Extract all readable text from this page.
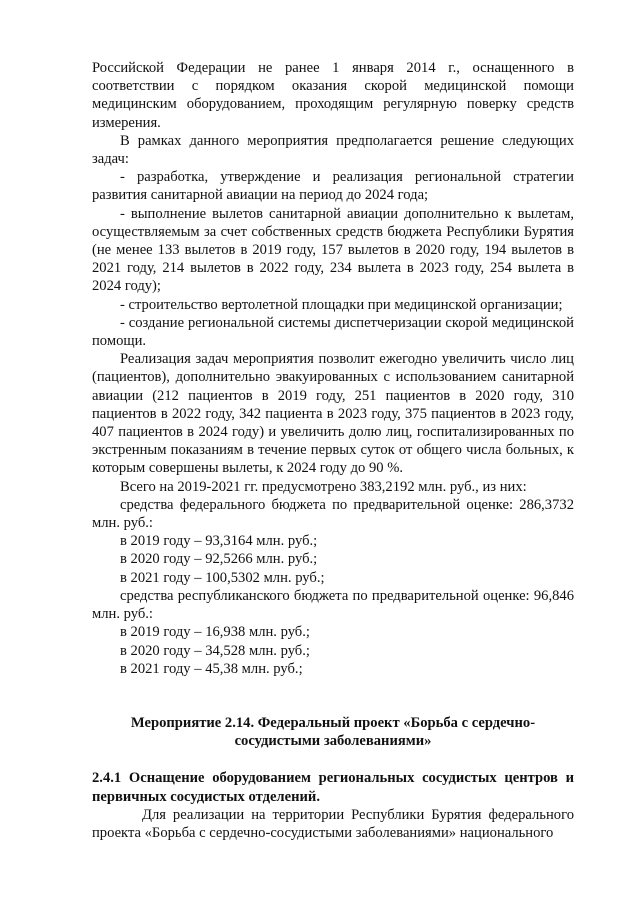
Российской Федерации не ранее 1 января 2014 г., оснащенного в соответствии с порядком оказания скорой медицинской помощи медицинским оборудованием, проходящим регулярную поверку средств измерения.

В рамках данного мероприятия предполагается решение следующих задач:

- разработка, утверждение и реализация региональной стратегии развития санитарной авиации на период до 2024 года;

- выполнение вылетов санитарной авиации дополнительно к вылетам, осуществляемым за счет собственных средств бюджета Республики Бурятия (не менее 133 вылетов в 2019 году, 157 вылетов в 2020 году, 194 вылетов в 2021 году, 214 вылетов в 2022 году, 234 вылета в 2023 году, 254 вылета в 2024 году);

- строительство вертолетной площадки при медицинской организации;

- создание региональной системы диспетчеризации скорой медицинской помощи.

Реализация задач мероприятия позволит ежегодно увеличить число лиц (пациентов), дополнительно эвакуированных с использованием санитарной авиации (212 пациентов в 2019 году, 251 пациентов в 2020 году, 310 пациентов в 2022 году, 342 пациента в 2023 году, 375 пациентов в 2023 году, 407 пациентов в 2024 году) и увеличить долю лиц, госпитализированных по экстренным показаниям в течение первых суток от общего числа больных, к которым совершены вылеты, к 2024 году до 90 %.

Всего на 2019-2021 гг. предусмотрено 383,2192 млн. руб., из них:

средства федерального бюджета по предварительной оценке: 286,3732 млн. руб.:

в 2019 году – 93,3164 млн. руб.;

в 2020 году – 92,5266 млн. руб.;

в 2021 году – 100,5302 млн. руб.;

средства республиканского бюджета по предварительной оценке: 96,846 млн. руб.:

в 2019 году – 16,938 млн. руб.;

в 2020 году – 34,528 млн. руб.;

в 2021 году – 45,38 млн. руб.;

Мероприятие 2.14. Федеральный проект «Борьба с сердечно-сосудистыми заболеваниями»

2.4.1 Оснащение оборудованием региональных сосудистых центров и первичных сосудистых отделений.

Для реализации на территории Республики Бурятия федерального проекта «Борьба с сердечно-сосудистыми заболеваниями» национального
